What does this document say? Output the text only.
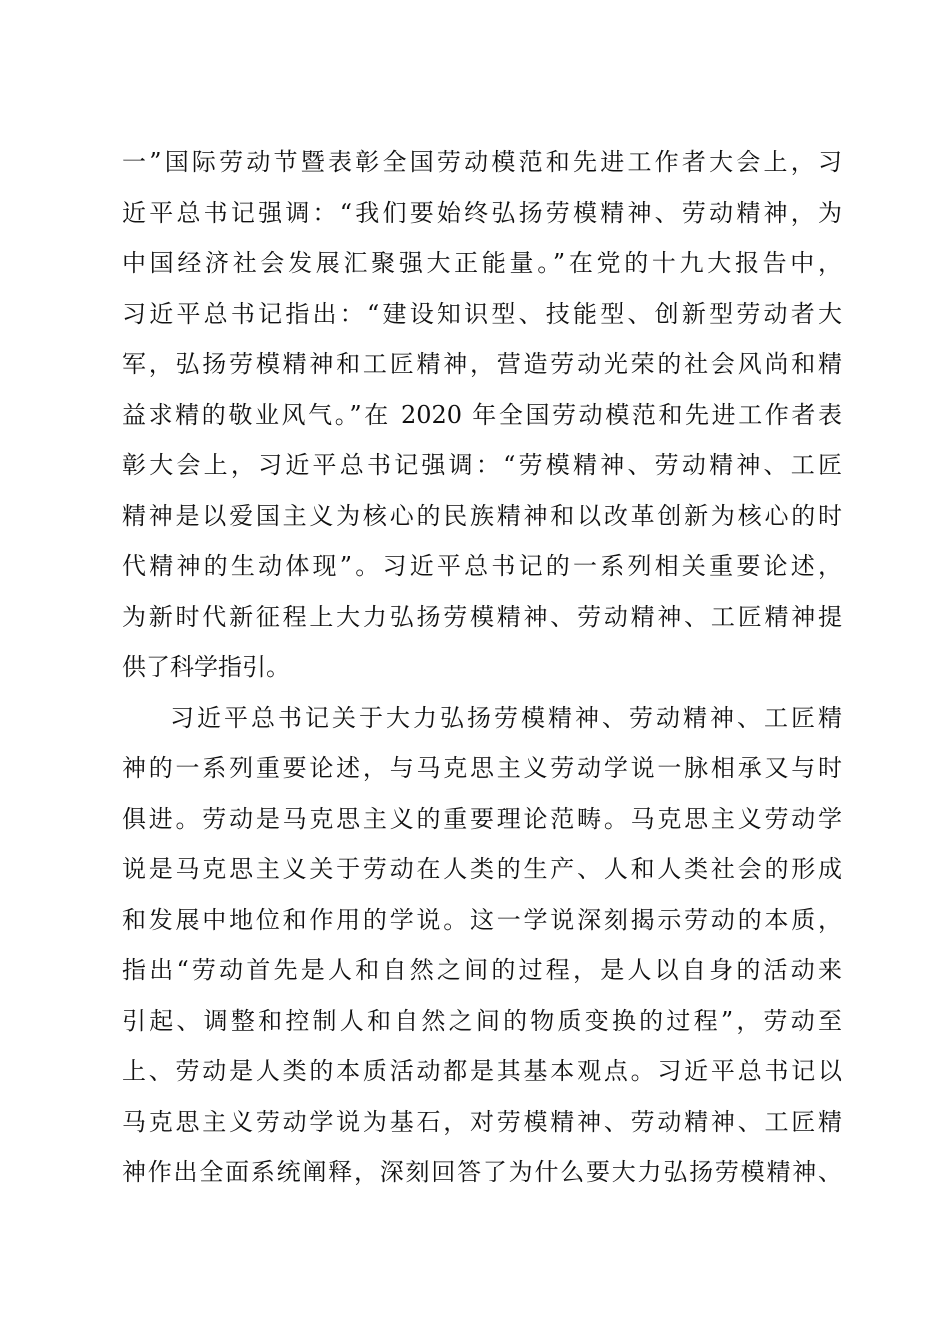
一”国际劳动节暨表彰全国劳动模范和先进工作者大会上，习
近平总书记强调：“我们要始终弘扬劳模精神、劳动精神，为
中国经济社会发展汇聚强大正能量。”在党的十九大报告中，
习近平总书记指出：“建设知识型、技能型、创新型劳动者大
军，弘扬劳模精神和工匠精神，营造劳动光荣的社会风尚和精
益求精的敬业风气。”在 2020 年全国劳动模范和先进工作者表
彰大会上，习近平总书记强调：“劳模精神、劳动精神、工匠
精神是以爱国主义为核心的民族精神和以改革创新为核心的时
代精神的生动体现”。习近平总书记的一系列相关重要论述，
为新时代新征程上大力弘扬劳模精神、劳动精神、工匠精神提
供了科学指引。
习近平总书记关于大力弘扬劳模精神、劳动精神、工匠精
神的一系列重要论述，与马克思主义劳动学说一脉相承又与时
俱进。劳动是马克思主义的重要理论范畴。马克思主义劳动学
说是马克思主义关于劳动在人类的生产、人和人类社会的形成
和发展中地位和作用的学说。这一学说深刻揭示劳动的本质，
指出“劳动首先是人和自然之间的过程，是人以自身的活动来
引起、调整和控制人和自然之间的物质变换的过程”，劳动至
上、劳动是人类的本质活动都是其基本观点。习近平总书记以
马克思主义劳动学说为基石，对劳模精神、劳动精神、工匠精
神作出全面系统阐释，深刻回答了为什么要大力弘扬劳模精神、
